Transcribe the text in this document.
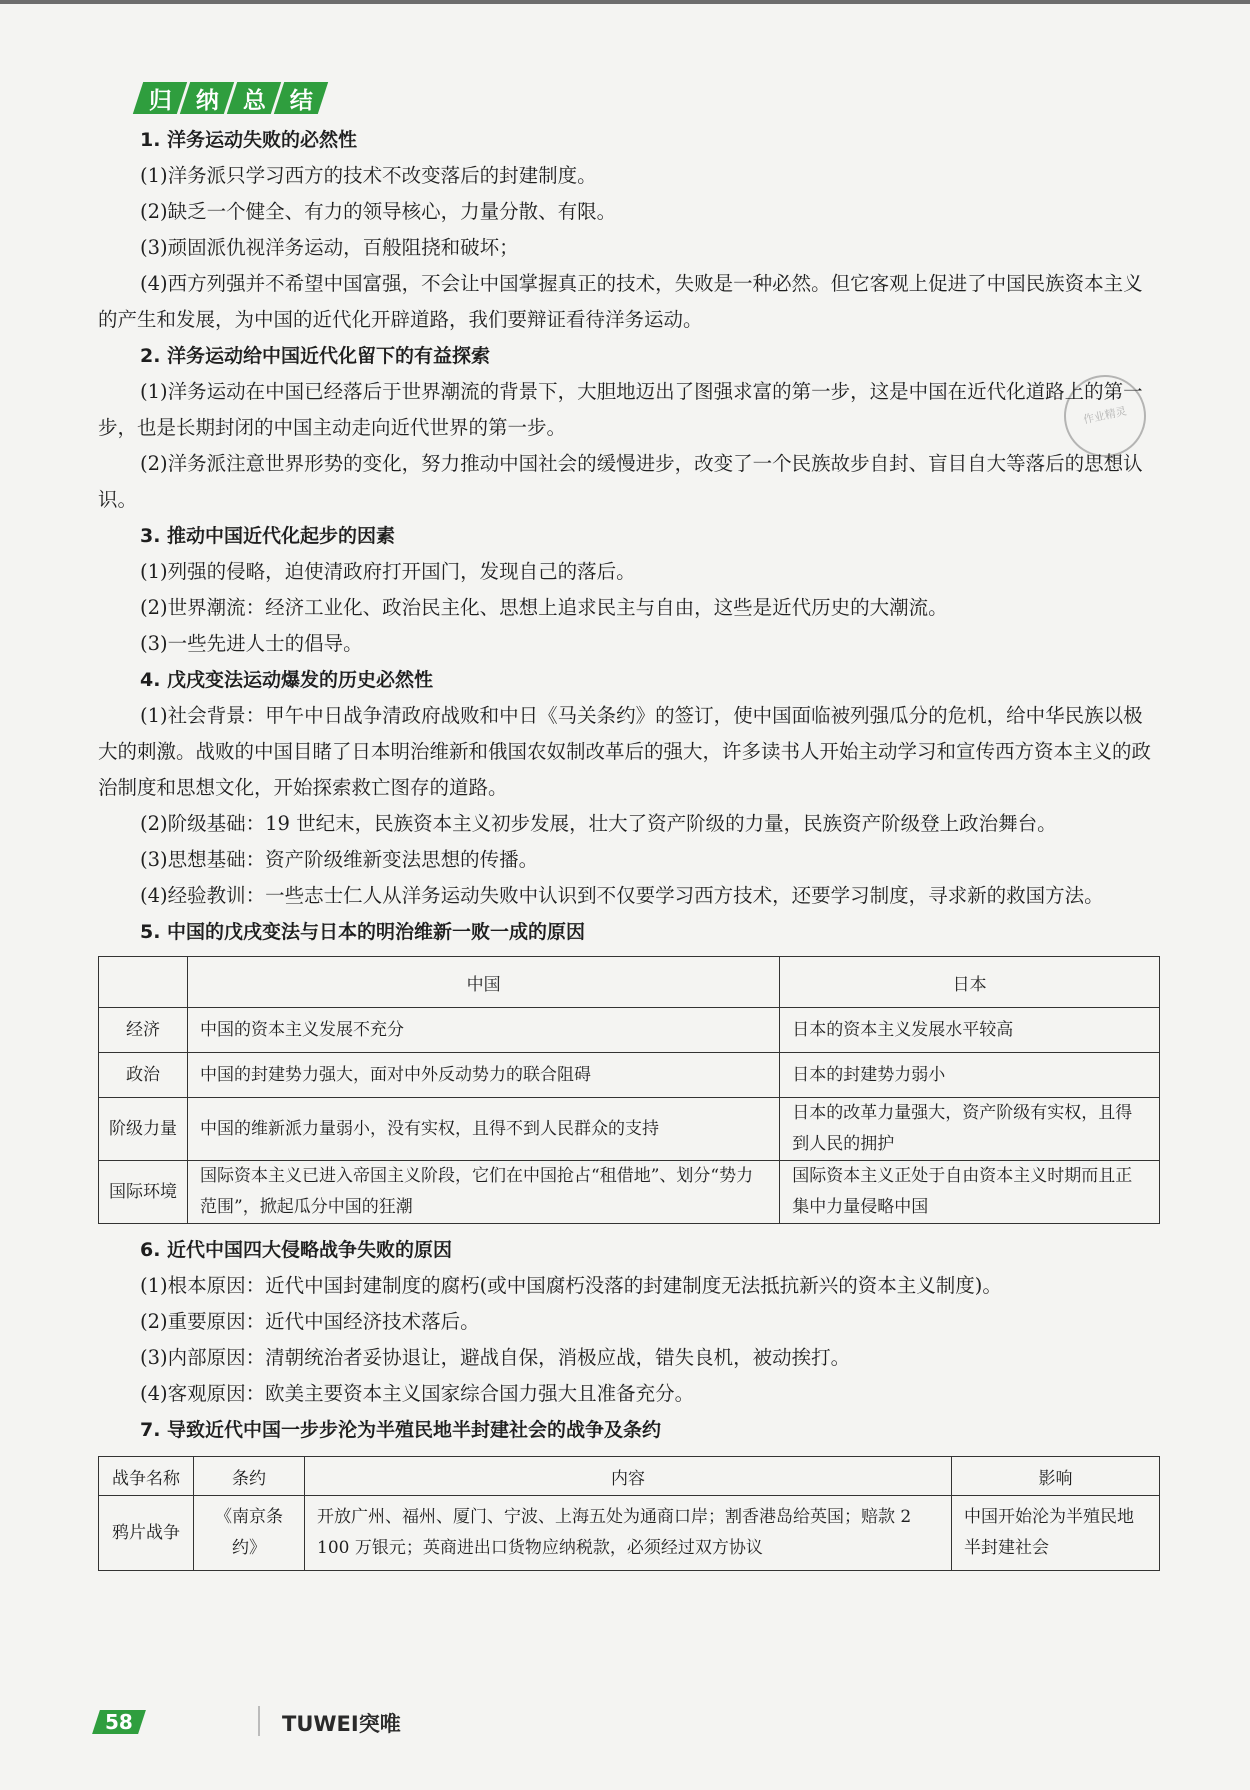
归 纳 总 结
作业精灵
1. 洋务运动失败的必然性

(1)洋务派只学习西方的技术不改变落后的封建制度。

(2)缺乏一个健全、有力的领导核心，力量分散、有限。

(3)顽固派仇视洋务运动，百般阻挠和破坏；

(4)西方列强并不希望中国富强，不会让中国掌握真正的技术，失败是一种必然。但它客观上促进了中国民族资本主义的产生和发展，为中国的近代化开辟道路，我们要辩证看待洋务运动。

2. 洋务运动给中国近代化留下的有益探索

(1)洋务运动在中国已经落后于世界潮流的背景下，大胆地迈出了图强求富的第一步，这是中国在近代化道路上的第一步，也是长期封闭的中国主动走向近代世界的第一步。

(2)洋务派注意世界形势的变化，努力推动中国社会的缓慢进步，改变了一个民族故步自封、盲目自大等落后的思想认识。

3. 推动中国近代化起步的因素

(1)列强的侵略，迫使清政府打开国门，发现自己的落后。

(2)世界潮流：经济工业化、政治民主化、思想上追求民主与自由，这些是近代历史的大潮流。

(3)一些先进人士的倡导。

4. 戊戌变法运动爆发的历史必然性

(1)社会背景：甲午中日战争清政府战败和中日《马关条约》的签订，使中国面临被列强瓜分的危机，给中华民族以极大的刺激。战败的中国目睹了日本明治维新和俄国农奴制改革后的强大，许多读书人开始主动学习和宣传西方资本主义的政治制度和思想文化，开始探索救亡图存的道路。

(2)阶级基础：19 世纪末，民族资本主义初步发展，壮大了资产阶级的力量，民族资产阶级登上政治舞台。

(3)思想基础：资产阶级维新变法思想的传播。

(4)经验教训：一些志士仁人从洋务运动失败中认识到不仅要学习西方技术，还要学习制度，寻求新的救国方法。

5. 中国的戊戌变法与日本的明治维新一败一成的原因
	中国	日本
经济	中国的资本主义发展不充分	日本的资本主义发展水平较高
政治	中国的封建势力强大，面对中外反动势力的联合阻碍	日本的封建势力弱小
阶级力量	中国的维新派力量弱小，没有实权，且得不到人民群众的支持	日本的改革力量强大，资产阶级有实权，且得到人民的拥护
国际环境	国际资本主义已进入帝国主义阶段，它们在中国抢占“租借地”、划分“势力范围”，掀起瓜分中国的狂潮	国际资本主义正处于自由资本主义时期而且正集中力量侵略中国
6. 近代中国四大侵略战争失败的原因

(1)根本原因：近代中国封建制度的腐朽(或中国腐朽没落的封建制度无法抵抗新兴的资本主义制度)。

(2)重要原因：近代中国经济技术落后。

(3)内部原因：清朝统治者妥协退让，避战自保，消极应战，错失良机，被动挨打。

(4)客观原因：欧美主要资本主义国家综合国力强大且准备充分。

7. 导致近代中国一步步沦为半殖民地半封建社会的战争及条约
战争名称	条约	内容	影响
鸦片战争	《南京条约》	开放广州、福州、厦门、宁波、上海五处为通商口岸；割香港岛给英国；赔款 2 100 万银元；英商进出口货物应纳税款，必须经过双方协议	中国开始沦为半殖民地半封建社会
58	TUWEI突唯
